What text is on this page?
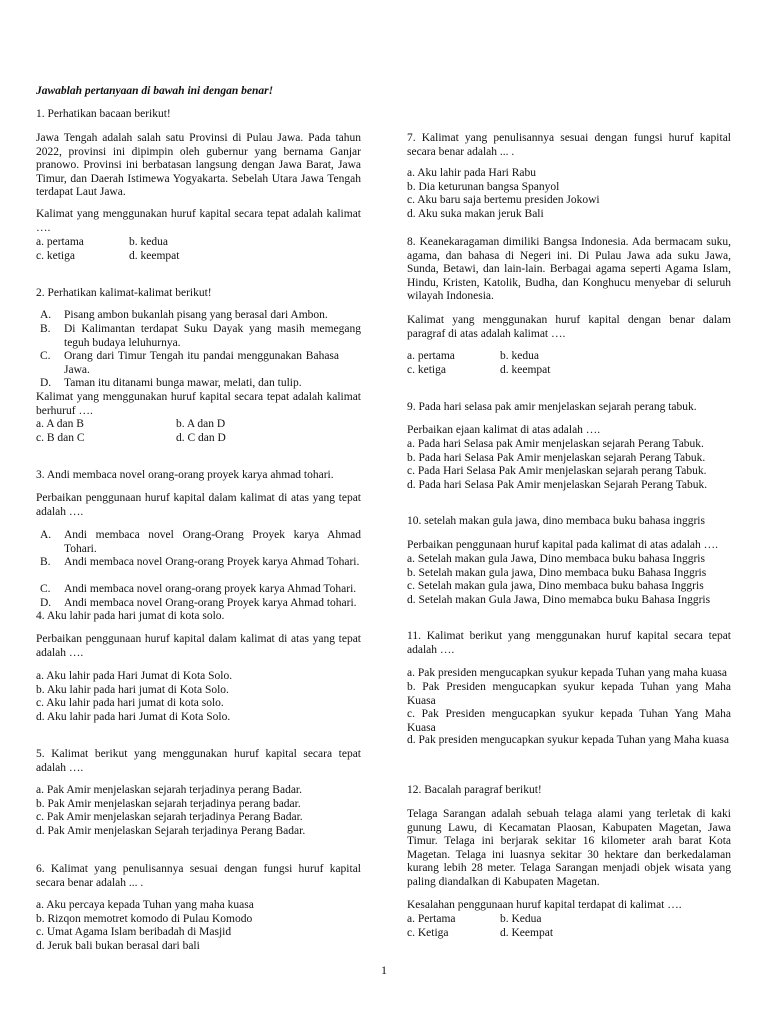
Jawablah pertanyaan di bawah ini dengan benar!
1. Perhatikan bacaan berikut!
Jawa Tengah adalah salah satu Provinsi di Pulau Jawa. Pada tahun 2022, provinsi ini dipimpin oleh gubernur yang bernama Ganjar pranowo. Provinsi ini berbatasan langsung dengan Jawa Barat, Jawa Timur, dan Daerah Istimewa Yogyakarta. Sebelah Utara Jawa Tengah terdapat Laut Jawa.
Kalimat yang menggunakan huruf kapital secara tepat adalah kalimat ….
a. pertama	b. kedua
c. ketiga	d. keempat
2. Perhatikan kalimat-kalimat berikut!
A.	Pisang ambon bukanlah pisang yang berasal dari Ambon.
B.	Di Kalimantan terdapat Suku Dayak yang masih memegang teguh budaya leluhurnya.
C.	Orang dari Timur Tengah itu pandai menggunakan Bahasa Jawa.
D.	Taman itu ditanami bunga mawar, melati, dan tulip.
Kalimat yang menggunakan huruf kapital secara tepat adalah kalimat berhuruf ….
a. A dan B	b. A dan D
c. B dan C	d. C dan D
3. Andi membaca novel orang-orang proyek karya ahmad tohari.
Perbaikan penggunaan huruf kapital dalam kalimat di atas yang tepat adalah ….
A.	Andi membaca novel Orang-Orang Proyek karya Ahmad Tohari.
B.	Andi membaca novel Orang-orang Proyek karya Ahmad Tohari.
C.	Andi membaca novel orang-orang proyek karya Ahmad Tohari.
D.	Andi membaca novel Orang-orang Proyek karya Ahmad tohari.
4. Aku lahir pada hari jumat di kota solo.
Perbaikan penggunaan huruf kapital dalam kalimat di atas yang tepat adalah ….
a. Aku lahir pada Hari Jumat di Kota Solo.
b. Aku lahir pada hari jumat di Kota Solo.
c. Aku lahir pada hari jumat di kota solo.
d. Aku lahir pada hari Jumat di Kota Solo.
5. Kalimat berikut yang menggunakan huruf kapital secara tepat adalah ….
a. Pak Amir menjelaskan sejarah terjadinya perang Badar.
b. Pak Amir menjelaskan sejarah terjadinya perang badar.
c. Pak Amir menjelaskan sejarah terjadinya Perang Badar.
d. Pak Amir menjelaskan Sejarah terjadinya Perang Badar.
6. Kalimat yang penulisannya sesuai dengan fungsi huruf kapital secara benar adalah ... .
a. Aku percaya kepada Tuhan yang maha kuasa
b. Rizqon memotret komodo di Pulau Komodo
c. Umat Agama Islam beribadah di Masjid
d. Jeruk bali bukan berasal dari bali
7. Kalimat yang penulisannya sesuai dengan fungsi huruf kapital secara benar adalah ... .
a. Aku lahir pada Hari Rabu
b. Dia keturunan bangsa Spanyol
c. Aku baru saja bertemu presiden Jokowi
d. Aku suka makan jeruk Bali
8. Keanekaragaman dimiliki Bangsa Indonesia. Ada bermacam suku, agama, dan bahasa di Negeri ini. Di Pulau Jawa ada suku Jawa, Sunda, Betawi, dan lain-lain. Berbagai agama seperti Agama Islam, Hindu, Kristen, Katolik, Budha, dan Konghucu menyebar di seluruh wilayah Indonesia.
Kalimat yang menggunakan huruf kapital dengan benar dalam paragraf di atas adalah kalimat ….
a. pertama	b. kedua
c. ketiga	d. keempat
9. Pada hari selasa pak amir menjelaskan sejarah perang tabuk.
Perbaikan ejaan kalimat di atas adalah ….
a. Pada hari Selasa pak Amir menjelaskan sejarah Perang Tabuk.
b. Pada hari Selasa Pak Amir menjelaskan sejarah Perang Tabuk.
c. Pada Hari Selasa Pak Amir menjelaskan sejarah perang Tabuk.
d. Pada hari Selasa Pak Amir menjelaskan Sejarah Perang Tabuk.
10. setelah makan gula jawa, dino membaca buku bahasa inggris
Perbaikan penggunaan huruf kapital pada kalimat di atas adalah ….
a. Setelah makan gula Jawa, Dino membaca buku bahasa Inggris
b. Setelah makan gula jawa, Dino membaca buku Bahasa Inggris
c. Setelah makan gula jawa, Dino membaca buku bahasa Inggris
d. Setelah makan Gula Jawa, Dino memabca buku Bahasa Inggris
11. Kalimat berikut yang menggunakan huruf kapital secara tepat adalah ….
a. Pak presiden mengucapkan syukur kepada Tuhan yang maha kuasa
b. Pak Presiden mengucapkan syukur kepada Tuhan yang Maha Kuasa
c. Pak Presiden mengucapkan syukur kepada Tuhan Yang Maha Kuasa
d. Pak presiden mengucapkan syukur kepada Tuhan yang Maha kuasa
12. Bacalah paragraf berikut!
Telaga Sarangan adalah sebuah telaga alami yang terletak di kaki gunung Lawu, di Kecamatan Plaosan, Kabupaten Magetan, Jawa Timur. Telaga ini berjarak sekitar 16 kilometer arah barat Kota Magetan. Telaga ini luasnya sekitar 30 hektare dan berkedalaman kurang lebih 28 meter. Telaga Sarangan menjadi objek wisata yang paling diandalkan di Kabupaten Magetan.
Kesalahan penggunaan huruf kapital terdapat di kalimat ….
a. Pertama	b. Kedua
c. Ketiga	d. Keempat
1
